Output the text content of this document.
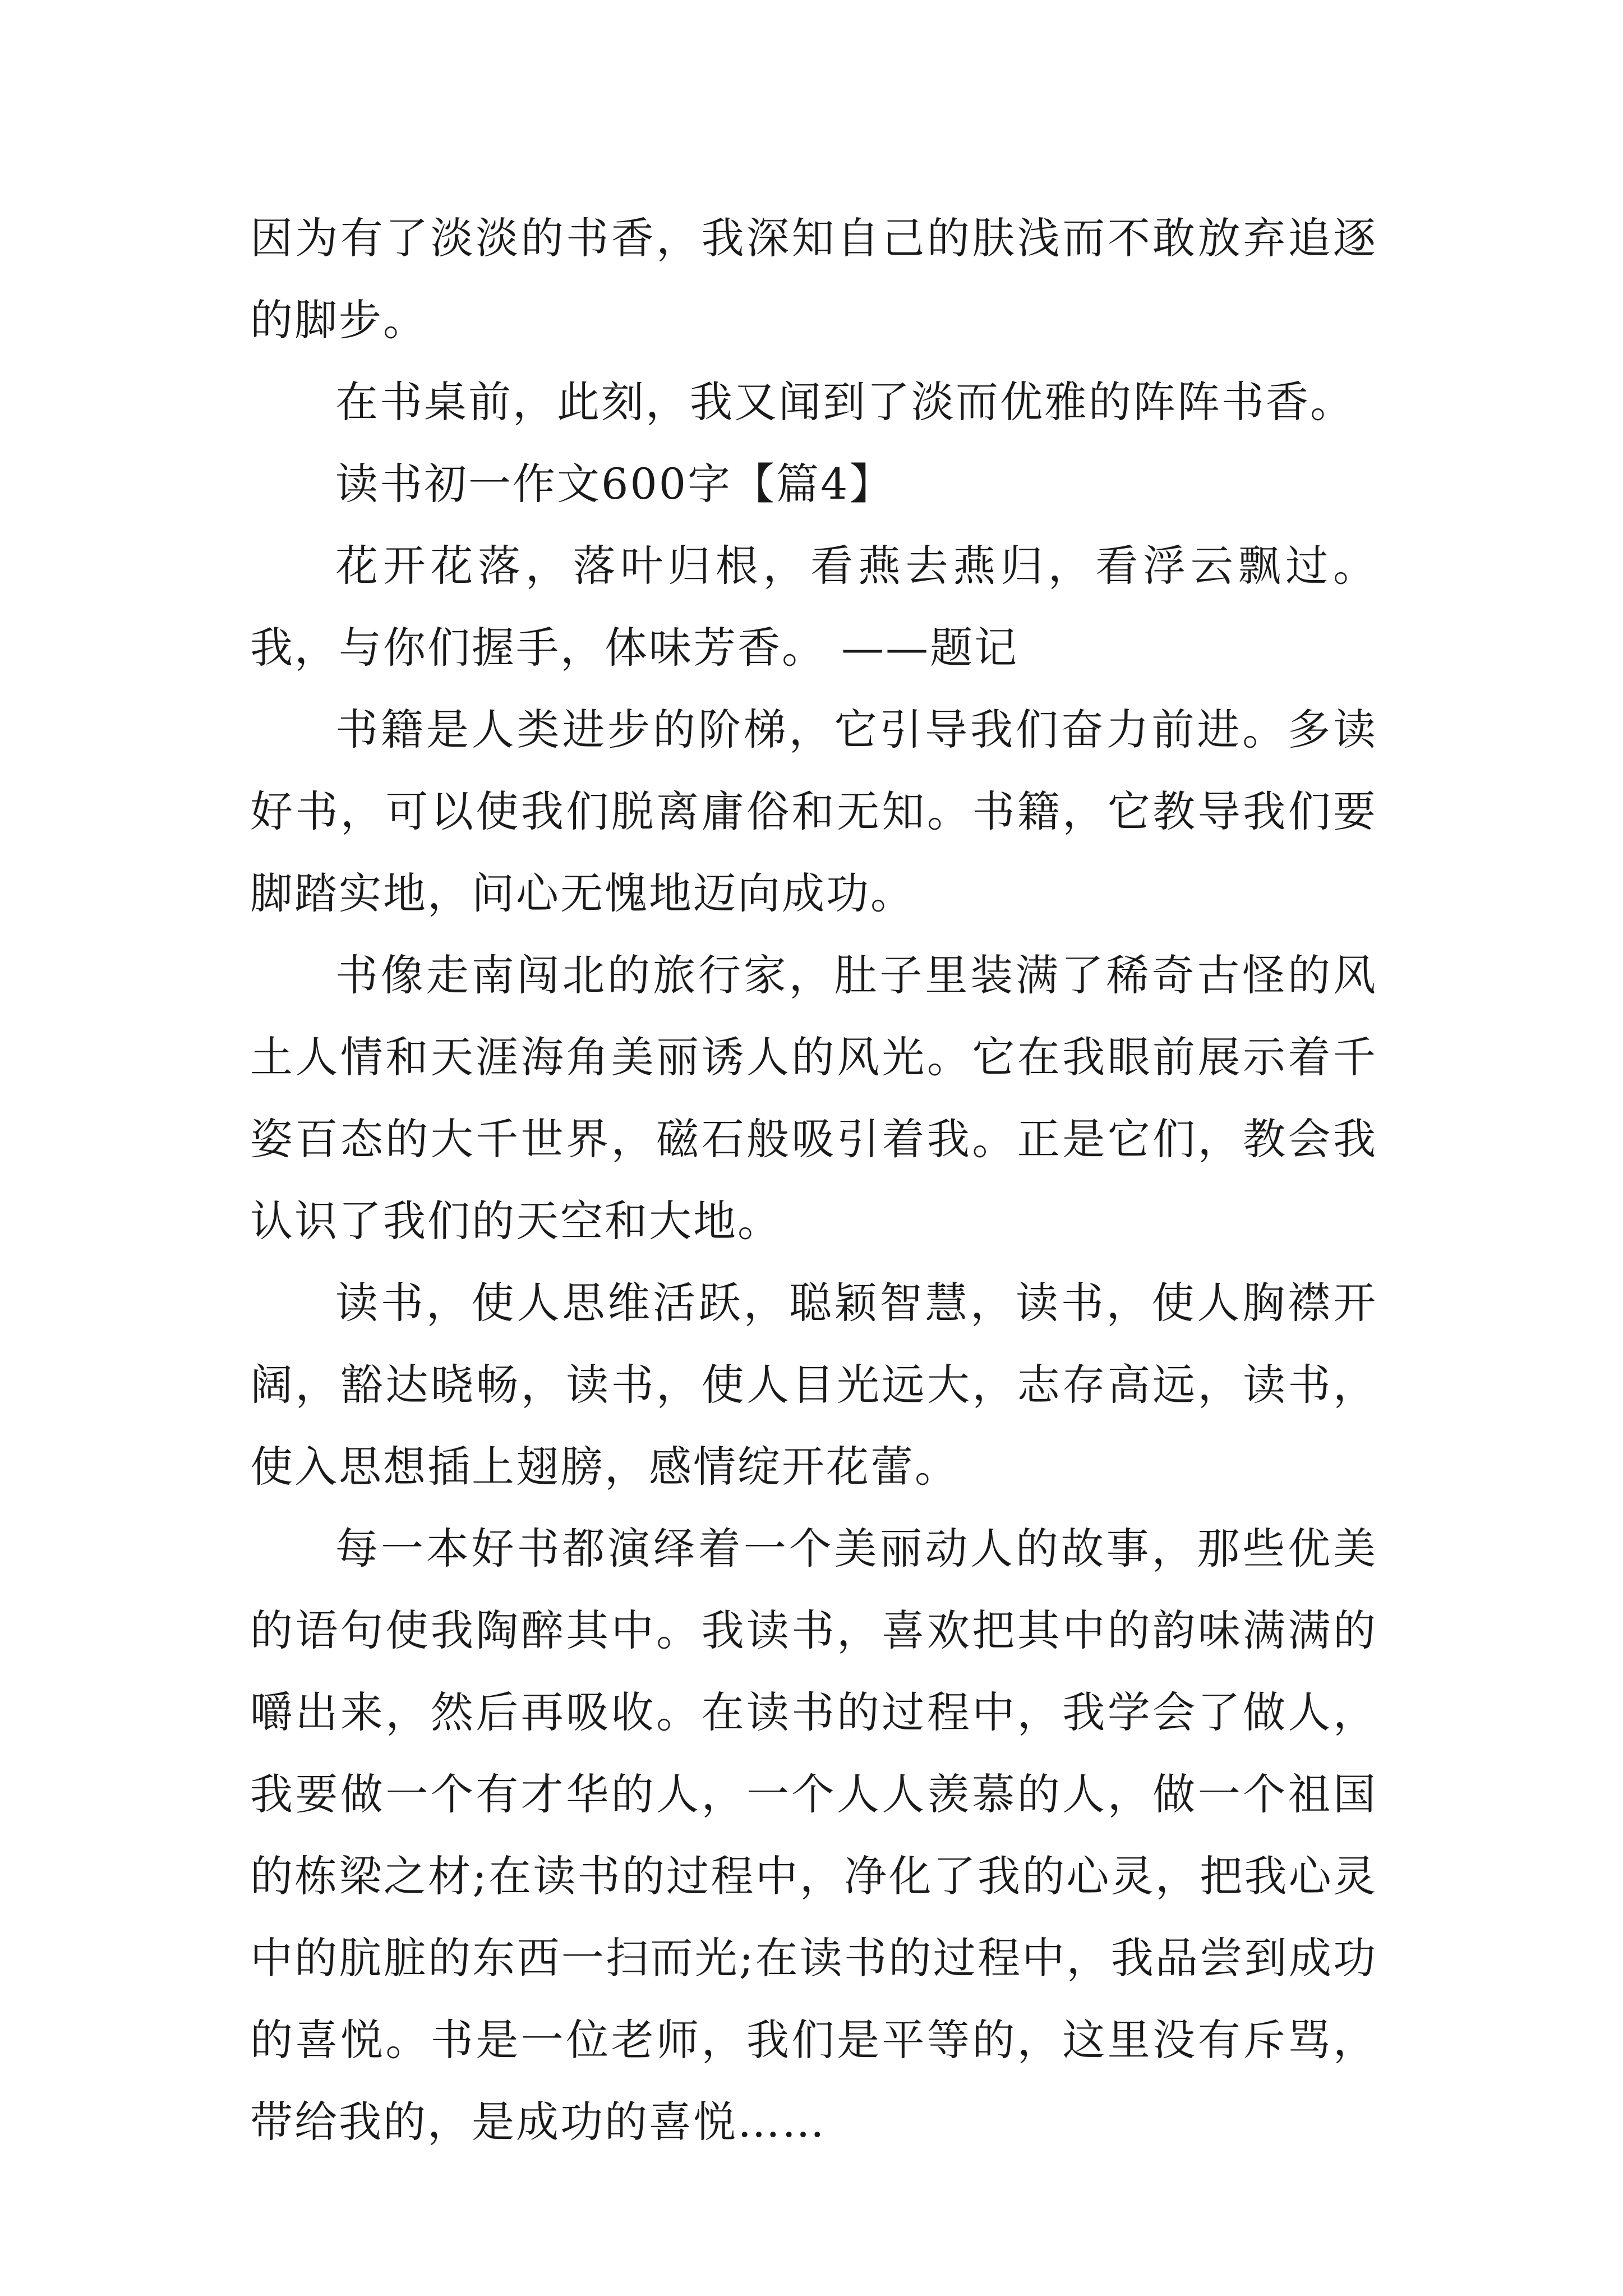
因为有了淡淡的书香，我深知自己的肤浅而不敢放弃追逐的脚步。

在书桌前，此刻，我又闻到了淡而优雅的阵阵书香。

读书初一作文600字【篇4】

花开花落，落叶归根，看燕去燕归，看浮云飘过。我，与你们握手，体味芳香。 ——题记

书籍是人类进步的阶梯，它引导我们奋力前进。多读好书，可以使我们脱离庸俗和无知。书籍，它教导我们要脚踏实地，问心无愧地迈向成功。

书像走南闯北的旅行家，肚子里装满了稀奇古怪的风土人情和天涯海角美丽诱人的风光。它在我眼前展示着千姿百态的大千世界，磁石般吸引着我。正是它们，教会我认识了我们的天空和大地。

读书，使人思维活跃，聪颖智慧，读书，使人胸襟开阔，豁达晓畅，读书，使人目光远大，志存高远，读书，使入思想插上翅膀，感情绽开花蕾。

每一本好书都演绎着一个美丽动人的故事，那些优美的语句使我陶醉其中。我读书，喜欢把其中的韵味满满的嚼出来，然后再吸收。在读书的过程中，我学会了做人，我要做一个有才华的人，一个人人羡慕的人，做一个祖国的栋梁之材;在读书的过程中，净化了我的心灵，把我心灵中的肮脏的东西一扫而光;在读书的过程中，我品尝到成功的喜悦。书是一位老师，我们是平等的，这里没有斥骂，带给我的，是成功的喜悦……
